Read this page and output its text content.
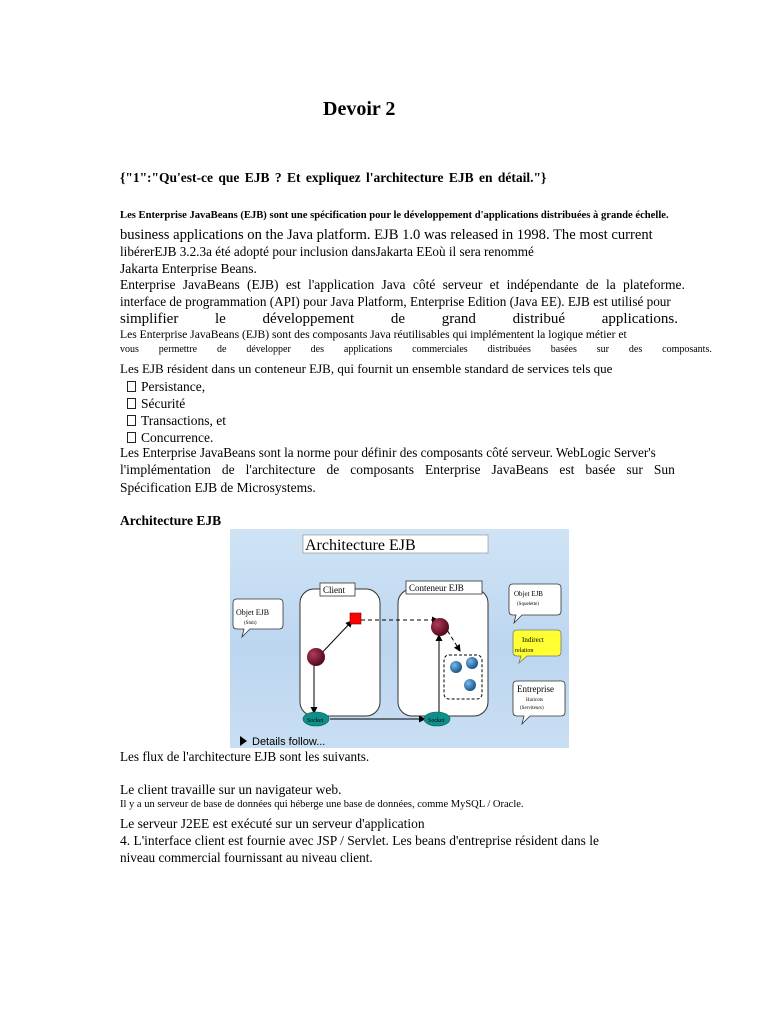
Devoir 2
{"1":"Qu'est-ce que EJB ? Et expliquez l'architecture EJB en détail."}
Les Enterprise JavaBeans (EJB) sont une spécification pour le développement d'applications distribuées à grande échelle.
business applications on the Java platform. EJB 1.0 was released in 1998. The most current
libérerEJB 3.2.3a été adopté pour inclusion dansJakarta EEoù il sera renommé
Jakarta Enterprise Beans.
Enterprise JavaBeans (EJB) est l'application Java côté serveur et indépendante de la plateforme.
interface de programmation (API) pour Java Platform, Enterprise Edition (Java EE). EJB est utilisé pour
simplifier le développement de grand distribué applications.
Les Enterprise JavaBeans (EJB) sont des composants Java réutilisables qui implémentent la logique métier et
vous permettre de développer des applications commerciales distribuées basées sur des composants.
Les EJB résident dans un conteneur EJB, qui fournit un ensemble standard de services tels que
Persistance,
Sécurité
Transactions, et
Concurrence.
Les Enterprise JavaBeans sont la norme pour définir des composants côté serveur. WebLogic Server's
l'implémentation de l'architecture de composants Enterprise JavaBeans est basée sur Sun
Spécification EJB de Microsystems.
Architecture EJB
Architecture EJB
Objet EJB
(Stub)
Client	Conteneur EJB
Socket	Socket
Objet EJB
(Squelette)
Indirect
relation
Entreprise
Haricots
(Serviteurs)
Details follow...
Les flux de l'architecture EJB sont les suivants.
Le client travaille sur un navigateur web.
Il y a un serveur de base de données qui héberge une base de données, comme MySQL / Oracle.
Le serveur J2EE est exécuté sur un serveur d'application
4. L'interface client est fournie avec JSP / Servlet. Les beans d'entreprise résident dans le
niveau commercial fournissant au niveau client.
